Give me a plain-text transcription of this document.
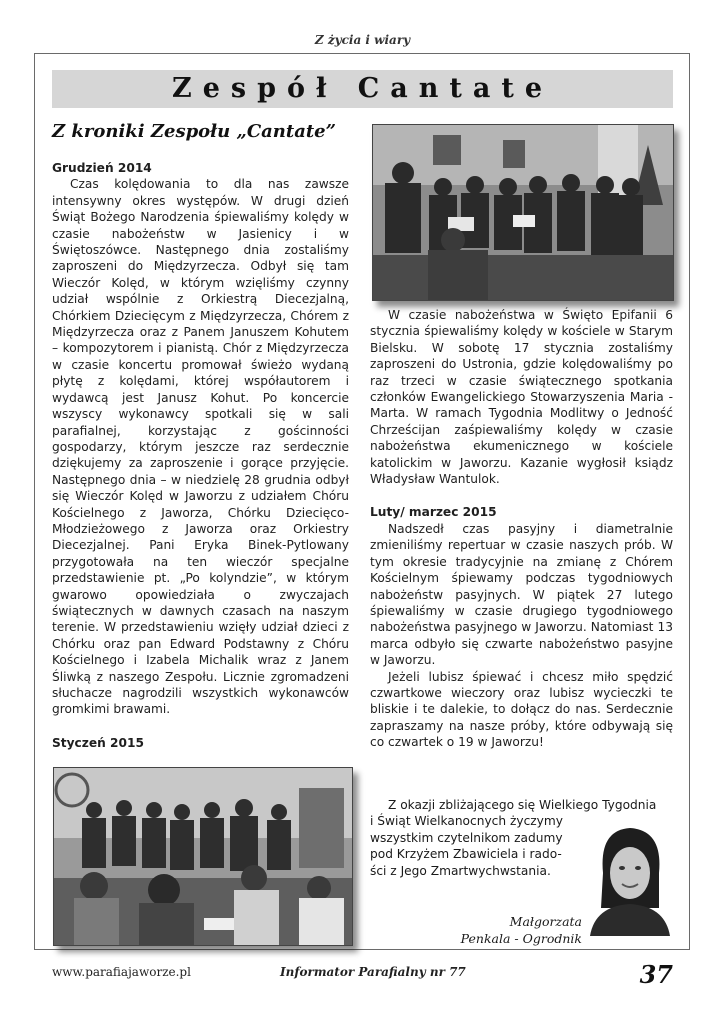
Z życia i wiary
Zespół Cantate
Z kroniki Zespołu „Cantate”

Grudzień 2014

Czas kolędowania to dla nas zawsze intensywny okres występów. W drugi dzień Świąt Bożego Narodzenia śpiewaliśmy kolędy w czasie nabożeństw w Jasienicy i w Świętoszówce. Następnego dnia zostaliśmy zaproszeni do Międzyrzecza. Odbył się tam Wieczór Kolęd, w którym wzięliśmy czynny udział wspólnie z Orkiestrą Diecezjalną, Chórkiem Dziecięcym z Międzyrzecza, Chórem z Międzyrzecza oraz z Panem Januszem Kohutem – kompozytorem i pianistą. Chór z Międzyrzecza w czasie koncertu promował świeżo wydaną płytę z kolędami, której współautorem i wydawcą jest Janusz Kohut. Po koncercie wszyscy wykonawcy spotkali się w sali parafialnej, korzystając z gościnności gospodarzy, którym jeszcze raz serdecznie dziękujemy za zaproszenie i gorące przyjęcie. Następnego dnia – w niedzielę 28 grudnia odbył się Wieczór Kolęd w Jaworzu z udziałem Chóru Kościelnego z Jaworza, Chórku Dziecięco-Młodzieżowego z Jaworza oraz Orkiestry Diecezjalnej. Pani Eryka Binek-Pytlowany przygotowała na ten wieczór specjalne przedstawienie pt. „Po kolyndzie”, w którym gwarowo opowiedziała o zwyczajach świątecznych w dawnych czasach na naszym terenie. W przedstawieniu wzięły udział dzieci z Chórku oraz pan Edward Podstawny z Chóru Kościelnego i Izabela Michalik wraz z Janem Śliwką z naszego Zespołu. Licznie zgromadzeni słuchacze nagrodzili wszystkich wykonawców gromkimi brawami.

Styczeń 2015

W czasie nabożeństwa w Święto Epifanii 6 stycznia śpiewaliśmy kolędy w kościele w Starym Bielsku. W sobotę 17 stycznia zostaliśmy zaproszeni do Ustronia, gdzie kolędowaliśmy po raz trzeci w czasie świątecznego spotkania członków Ewangelickiego Stowarzyszenia Maria - Marta. W ramach Tygodnia Modlitwy o Jedność Chrześcijan zaśpiewaliśmy kolędy w czasie nabożeństwa ekumenicznego w kościele katolickim w Jaworzu. Kazanie wygłosił ksiądz Władysław Wantulok.

Luty/ marzec 2015

Nadszedł czas pasyjny i diametralnie zmieniliśmy repertuar w czasie naszych prób. W tym okresie tradycyjnie na zmianę z Chórem Kościelnym śpiewamy podczas tygodniowych nabożeństw pasyjnych. W piątek 27 lutego śpiewaliśmy w czasie drugiego tygodniowego nabożeństwa pasyjnego w Jaworzu. Natomiast 13 marca odbyło się czwarte nabożeństwo pasyjne w Jaworzu.

Jeżeli lubisz śpiewać i chcesz miło spędzić czwartkowe wieczory oraz lubisz wycieczki te bliskie i te dalekie, to dołącz do nas. Serdecznie zapraszamy na nasze próby, które odbywają się co czwartek o 19 w Jaworzu!

Z okazji zbliżającego się Wielkiego Tygodnia
i Świąt Wielkanocnych życzymy
wszystkim czytelnikom zadumy
pod Krzyżem Zbawiciela i rado-
ści z Jego Zmartwychwstania.
Małgorzata
Penkala - Ogrodnik
www.parafiajaworze.pl	Informator Parafialny nr 77	37
